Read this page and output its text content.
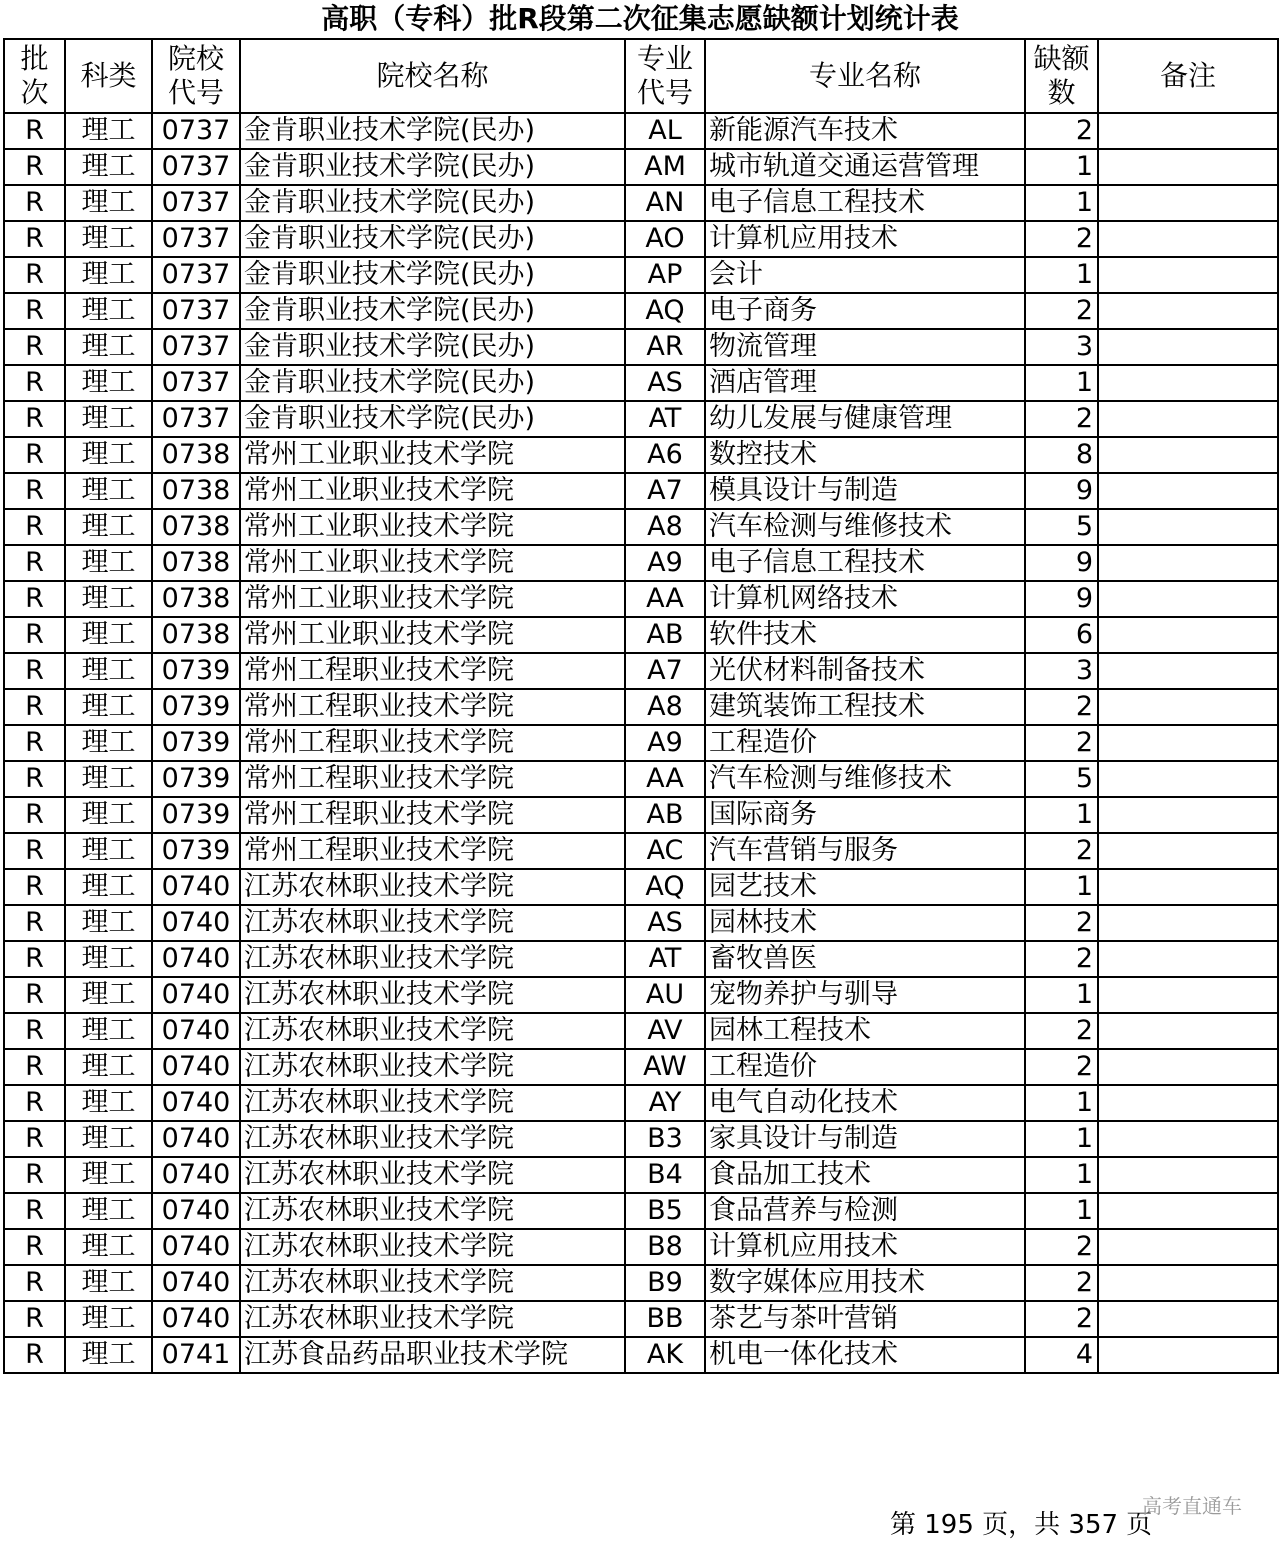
高职（专科）批R段第二次征集志愿缺额计划统计表
批次	科类	院校代号	院校名称	专业代号	专业名称	缺额数	备注
R	理工	0737	金肯职业技术学院(民办)	AL	新能源汽车技术	2	
R	理工	0737	金肯职业技术学院(民办)	AM	城市轨道交通运营管理	1	
R	理工	0737	金肯职业技术学院(民办)	AN	电子信息工程技术	1	
R	理工	0737	金肯职业技术学院(民办)	AO	计算机应用技术	2	
R	理工	0737	金肯职业技术学院(民办)	AP	会计	1	
R	理工	0737	金肯职业技术学院(民办)	AQ	电子商务	2	
R	理工	0737	金肯职业技术学院(民办)	AR	物流管理	3	
R	理工	0737	金肯职业技术学院(民办)	AS	酒店管理	1	
R	理工	0737	金肯职业技术学院(民办)	AT	幼儿发展与健康管理	2	
R	理工	0738	常州工业职业技术学院	A6	数控技术	8	
R	理工	0738	常州工业职业技术学院	A7	模具设计与制造	9	
R	理工	0738	常州工业职业技术学院	A8	汽车检测与维修技术	5	
R	理工	0738	常州工业职业技术学院	A9	电子信息工程技术	9	
R	理工	0738	常州工业职业技术学院	AA	计算机网络技术	9	
R	理工	0738	常州工业职业技术学院	AB	软件技术	6	
R	理工	0739	常州工程职业技术学院	A7	光伏材料制备技术	3	
R	理工	0739	常州工程职业技术学院	A8	建筑装饰工程技术	2	
R	理工	0739	常州工程职业技术学院	A9	工程造价	2	
R	理工	0739	常州工程职业技术学院	AA	汽车检测与维修技术	5	
R	理工	0739	常州工程职业技术学院	AB	国际商务	1	
R	理工	0739	常州工程职业技术学院	AC	汽车营销与服务	2	
R	理工	0740	江苏农林职业技术学院	AQ	园艺技术	1	
R	理工	0740	江苏农林职业技术学院	AS	园林技术	2	
R	理工	0740	江苏农林职业技术学院	AT	畜牧兽医	2	
R	理工	0740	江苏农林职业技术学院	AU	宠物养护与驯导	1	
R	理工	0740	江苏农林职业技术学院	AV	园林工程技术	2	
R	理工	0740	江苏农林职业技术学院	AW	工程造价	2	
R	理工	0740	江苏农林职业技术学院	AY	电气自动化技术	1	
R	理工	0740	江苏农林职业技术学院	B3	家具设计与制造	1	
R	理工	0740	江苏农林职业技术学院	B4	食品加工技术	1	
R	理工	0740	江苏农林职业技术学院	B5	食品营养与检测	1	
R	理工	0740	江苏农林职业技术学院	B8	计算机应用技术	2	
R	理工	0740	江苏农林职业技术学院	B9	数字媒体应用技术	2	
R	理工	0740	江苏农林职业技术学院	BB	茶艺与茶叶营销	2	
R	理工	0741	江苏食品药品职业技术学院	AK	机电一体化技术	4	
第 195 页，共 357 页
高考直通车
